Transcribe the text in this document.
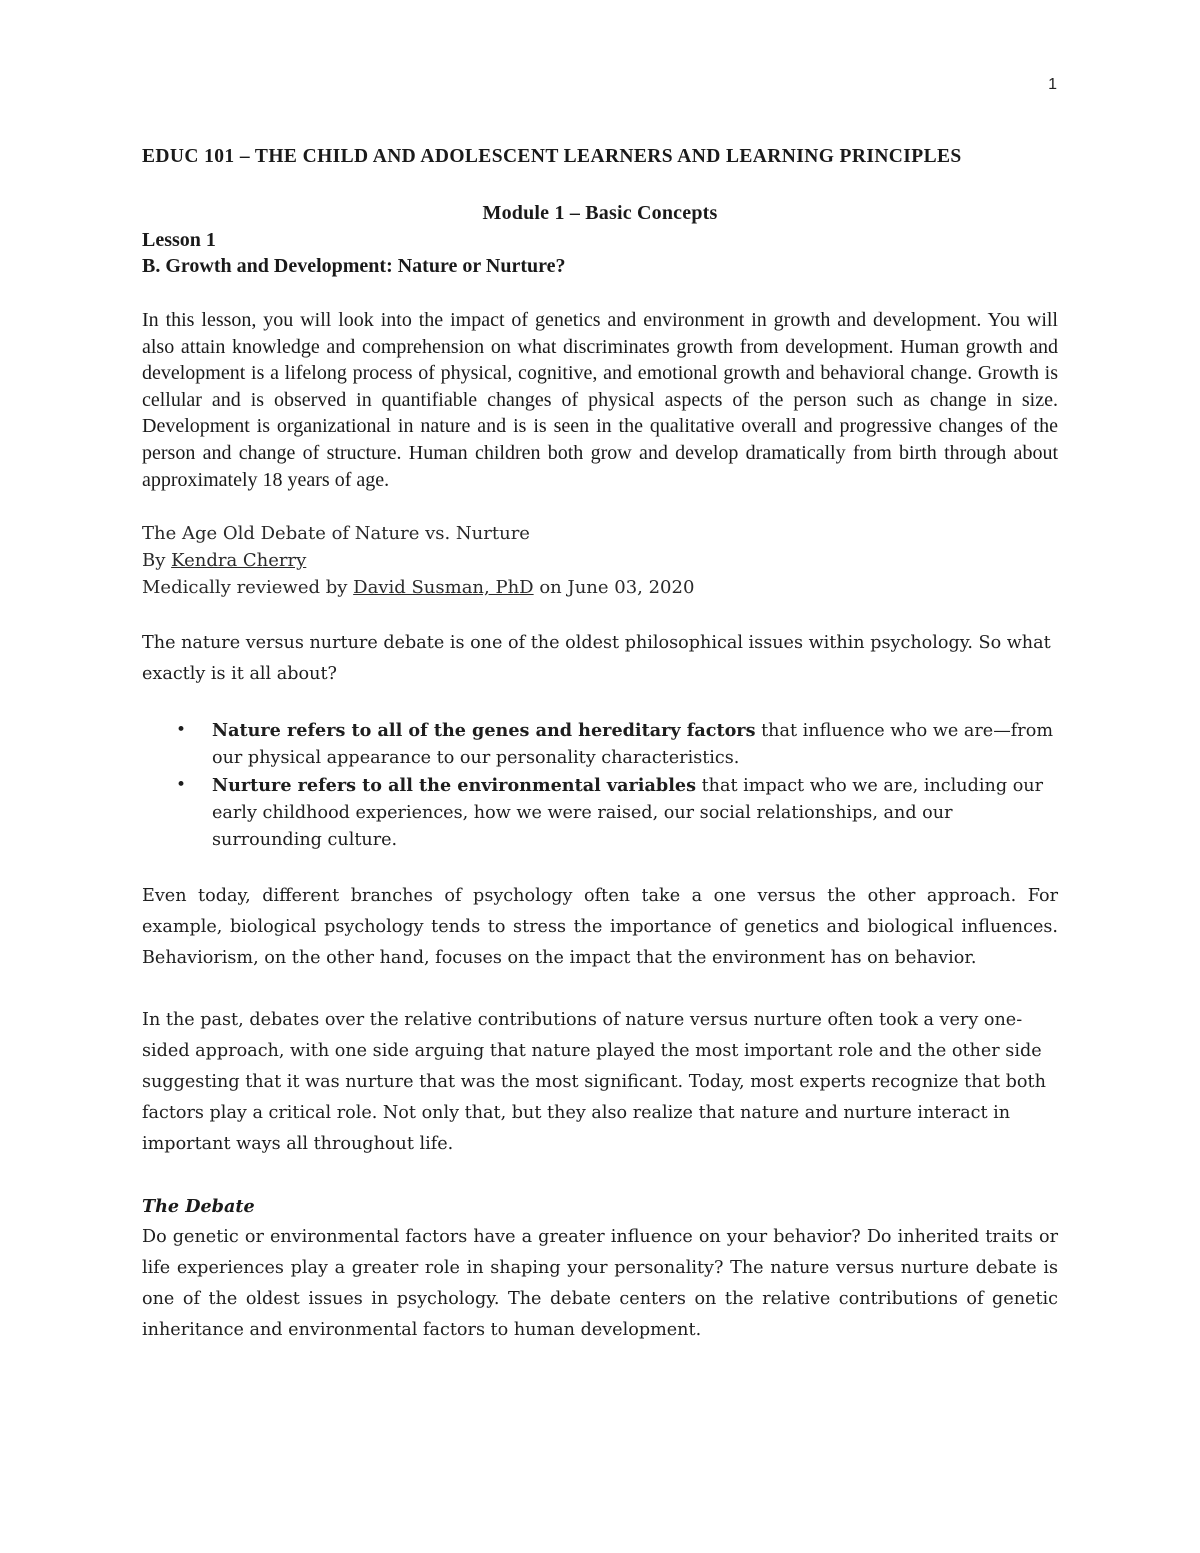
1

EDUC 101 – THE CHILD AND ADOLESCENT LEARNERS AND LEARNING PRINCIPLES

Module 1 – Basic Concepts

Lesson 1

B. Growth and Development: Nature or Nurture?

In this lesson, you will look into the impact of genetics and environment in growth and development. You will also attain knowledge and comprehension on what discriminates growth from development. Human growth and development is a lifelong process of physical, cognitive, and emotional growth and behavioral change. Growth is cellular and is observed in quantifiable changes of physical aspects of the person such as change in size. Development is organizational in nature and is is seen in the qualitative overall and progressive changes of the person and change of structure. Human children both grow and develop dramatically from birth through about approximately 18 years of age.

The Age Old Debate of Nature vs. Nurture
By Kendra Cherry
Medically reviewed by David Susman, PhD on June 03, 2020

The nature versus nurture debate is one of the oldest philosophical issues within psychology. So what exactly is it all about?

• Nature refers to all of the genes and hereditary factors that influence who we are—from our physical appearance to our personality characteristics.
• Nurture refers to all the environmental variables that impact who we are, including our early childhood experiences, how we were raised, our social relationships, and our surrounding culture.

Even today, different branches of psychology often take a one versus the other approach. For example, biological psychology tends to stress the importance of genetics and biological influences. Behaviorism, on the other hand, focuses on the impact that the environment has on behavior.

In the past, debates over the relative contributions of nature versus nurture often took a very one-sided approach, with one side arguing that nature played the most important role and the other side suggesting that it was nurture that was the most significant. Today, most experts recognize that both factors play a critical role. Not only that, but they also realize that nature and nurture interact in important ways all throughout life.

The Debate

Do genetic or environmental factors have a greater influence on your behavior? Do inherited traits or life experiences play a greater role in shaping your personality? The nature versus nurture debate is one of the oldest issues in psychology. The debate centers on the relative contributions of genetic inheritance and environmental factors to human development.
